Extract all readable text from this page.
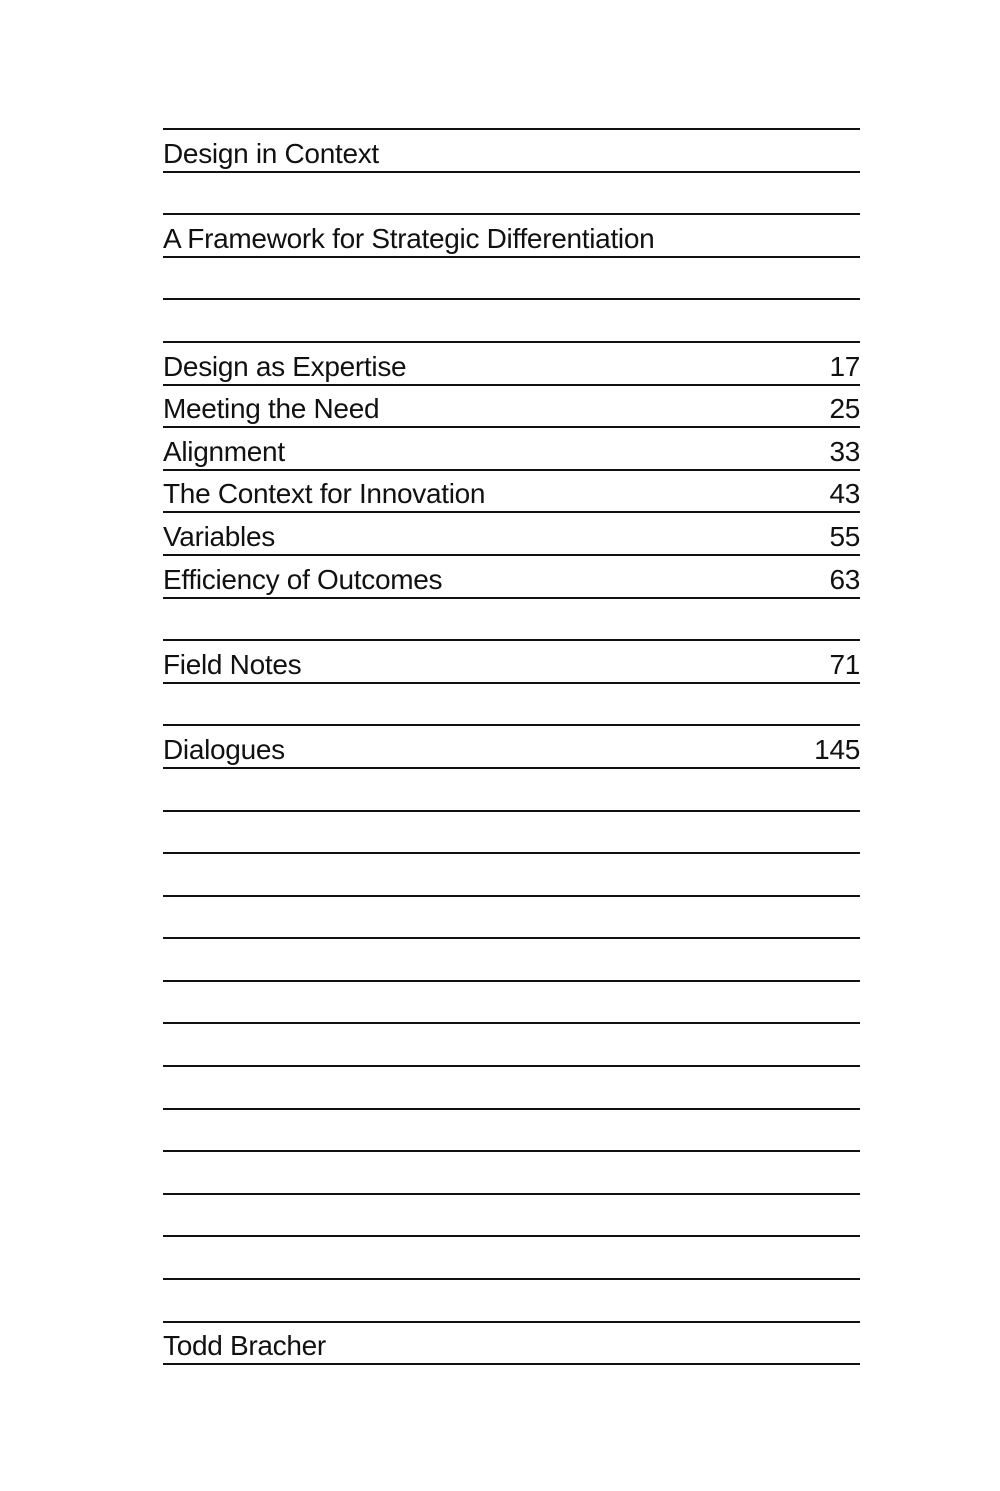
Design in Context
A Framework for Strategic Differentiation
Design as Expertise	17
Meeting the Need	25
Alignment	33
The Context for Innovation	43
Variables	55
Efficiency of Outcomes	63
Field Notes	71
Dialogues	145
Todd Bracher
